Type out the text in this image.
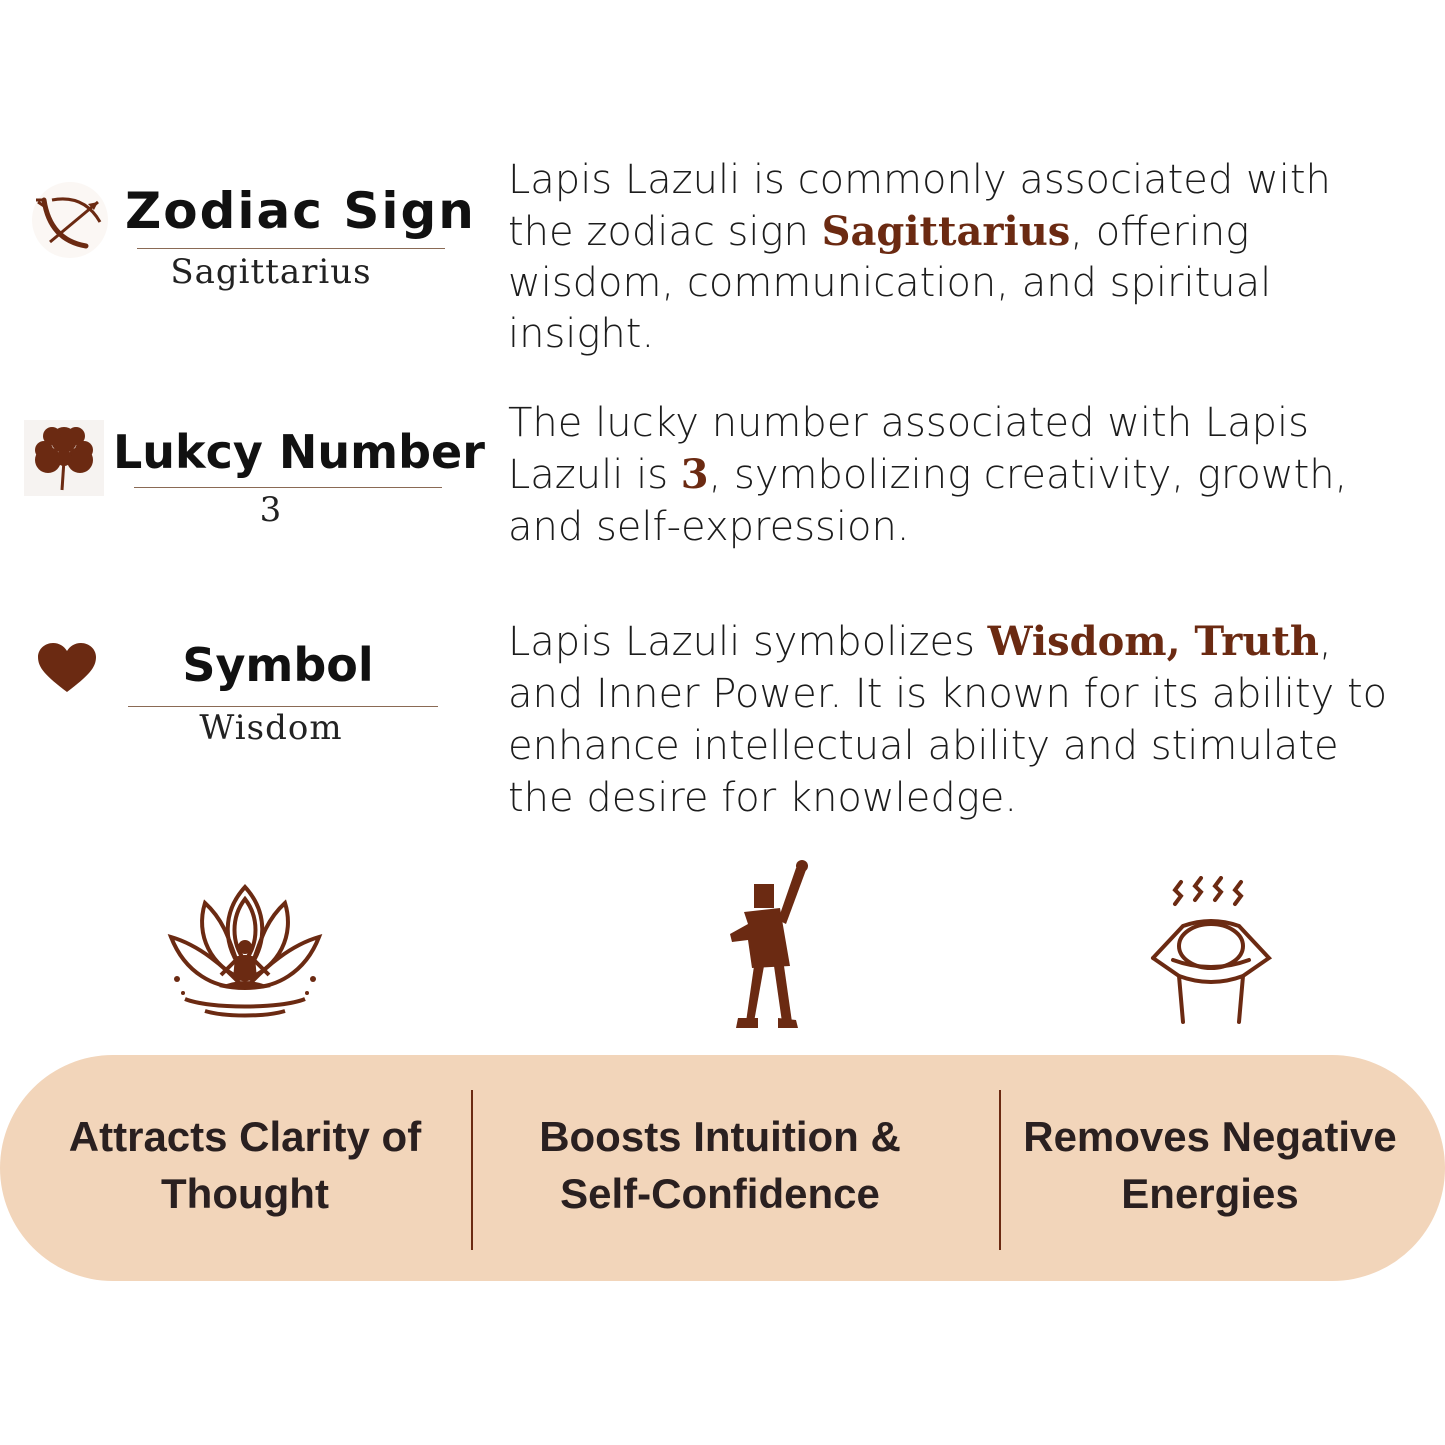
Zodiac Sign
Sagittarius
Lapis Lazuli is commonly associated with the zodiac sign Sagittarius, offering wisdom, communication, and spiritual insight.
Lukcy Number
3
The lucky number associated with Lapis Lazuli is 3, symbolizing creativity, growth, and self-expression.
Symbol
Wisdom
Lapis Lazuli symbolizes Wisdom, Truth, and Inner Power. It is known for its ability to enhance intellectual ability and stimulate the desire for knowledge.
Attracts Clarity of
Thought
Boosts Intuition &
Self-Confidence
Removes Negative
Energies
